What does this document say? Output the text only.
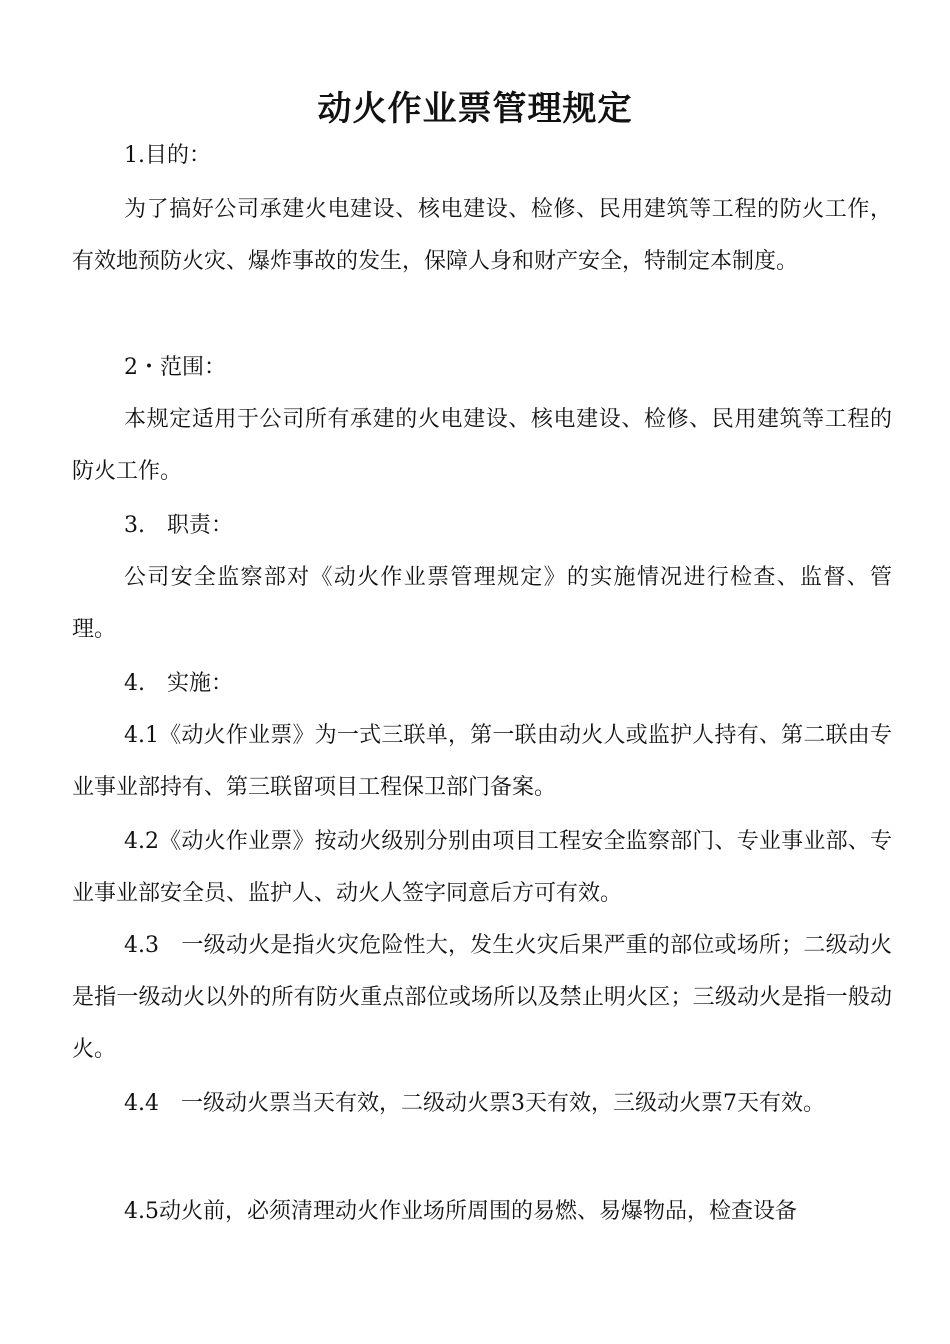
动火作业票管理规定

1.目的：

为了搞好公司承建火电建设、核电建设、检修、民用建筑等工程的防火工作，有效地预防火灾、爆炸事故的发生，保障人身和财产安全，特制定本制度。

2・范围：

本规定适用于公司所有承建的火电建设、核电建设、检修、民用建筑等工程的防火工作。

3.　职责：

公司安全监察部对《动火作业票管理规定》的实施情况进行检查、监督、管理。

4.　实施：

4.1《动火作业票》为一式三联单，第一联由动火人或监护人持有、第二联由专业事业部持有、第三联留项目工程保卫部门备案。

4.2《动火作业票》按动火级别分别由项目工程安全监察部门、专业事业部、专业事业部安全员、监护人、动火人签字同意后方可有效。

4.3　一级动火是指火灾危险性大，发生火灾后果严重的部位或场所；二级动火是指一级动火以外的所有防火重点部位或场所以及禁止明火区；三级动火是指一般动火。

4.4　一级动火票当天有效，二级动火票3天有效，三级动火票7天有效。

4.5动火前，必须清理动火作业场所周围的易燃、易爆物品，检查设备
